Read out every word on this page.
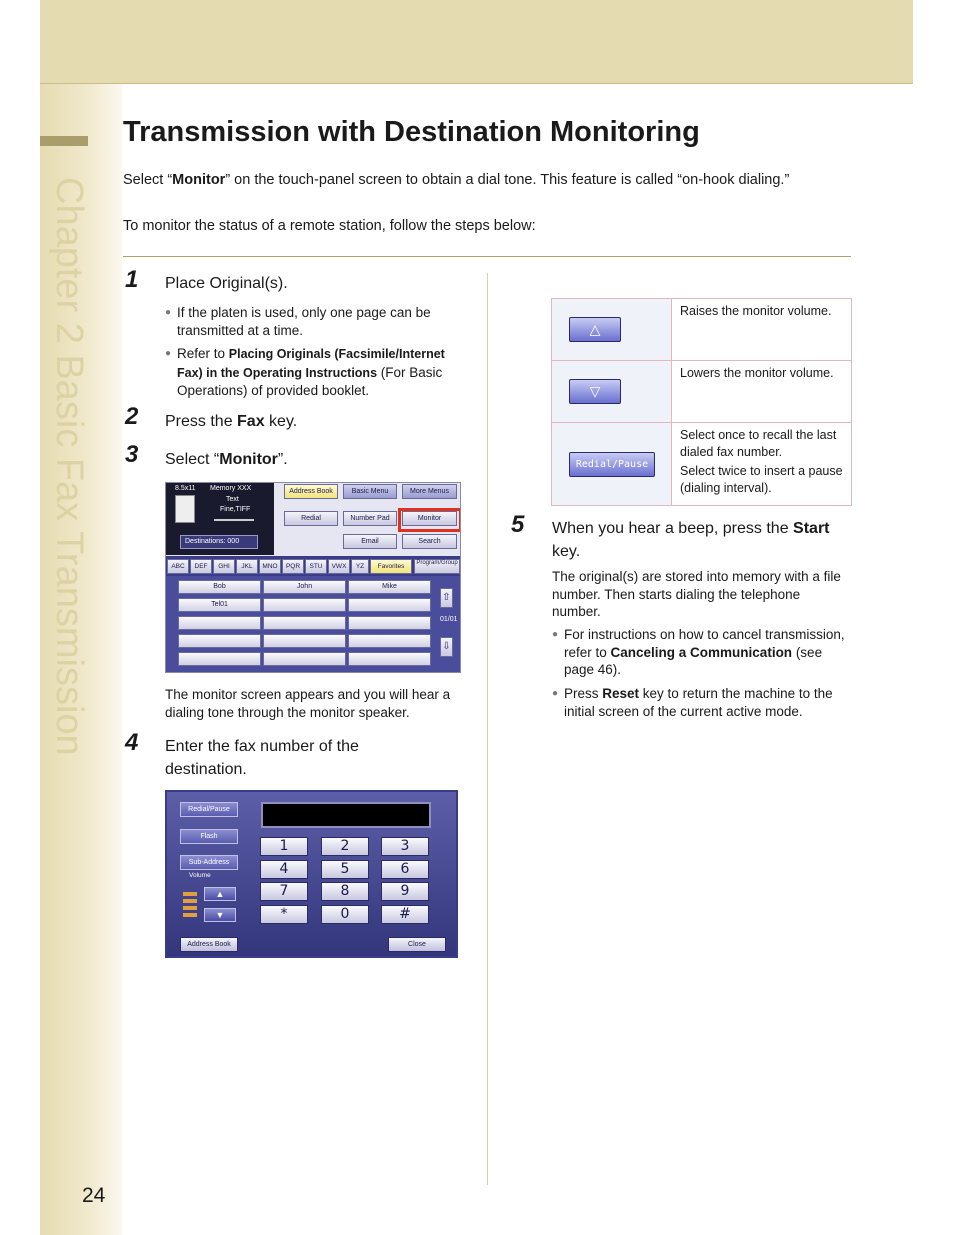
Chapter 2 Basic Fax Transmission
24
Transmission with Destination Monitoring

Select “Monitor” on the touch-panel screen to obtain a dial tone. This feature is called “on-hook dialing.”

To monitor the status of a remote station, follow the steps below:

1 Place Original(s).
● If the platen is used, only one page can be transmitted at a time.
● Refer to Placing Originals (Facsimile/Internet Fax) in the Operating Instructions (For Basic Operations) of provided booklet.
2 Press the Fax key.
3 Select “Monitor”.
8.5x11 Memory XXX
Text
Fine,TIFF
Destinations: 000
Address Book	Basic Menu	More Menus
Redial	Number Pad	Monitor
Email	Search
ABC	DEF	GHI	JKL	MNO	PQR	STU	VWX	YZ	Favorites	Program/Group
Bob	John	Mike
Tel01
⇧
⇩
01/01

The monitor screen appears and you will hear a dialing tone through the monitor speaker.

4 Enter the fax number of the destination.
Redial/Pause
Flash
Sub-Address
Volume
▲
▼
1	2	3
4	5	6
7	8	9
*	0	#
Address Book	Close
△	Raises the monitor volume.

▽	Lowers the monitor volume.

Redial/Pause	Select once to recall the last dialed fax number.

Select twice to insert a pause (dialing interval).

5 When you hear a beep, press the Start key.

The original(s) are stored into memory with a file number. Then starts dialing the telephone number.

● For instructions on how to cancel transmission, refer to Canceling a Communication (see page 46).
● Press Reset key to return the machine to the initial screen of the current active mode.
